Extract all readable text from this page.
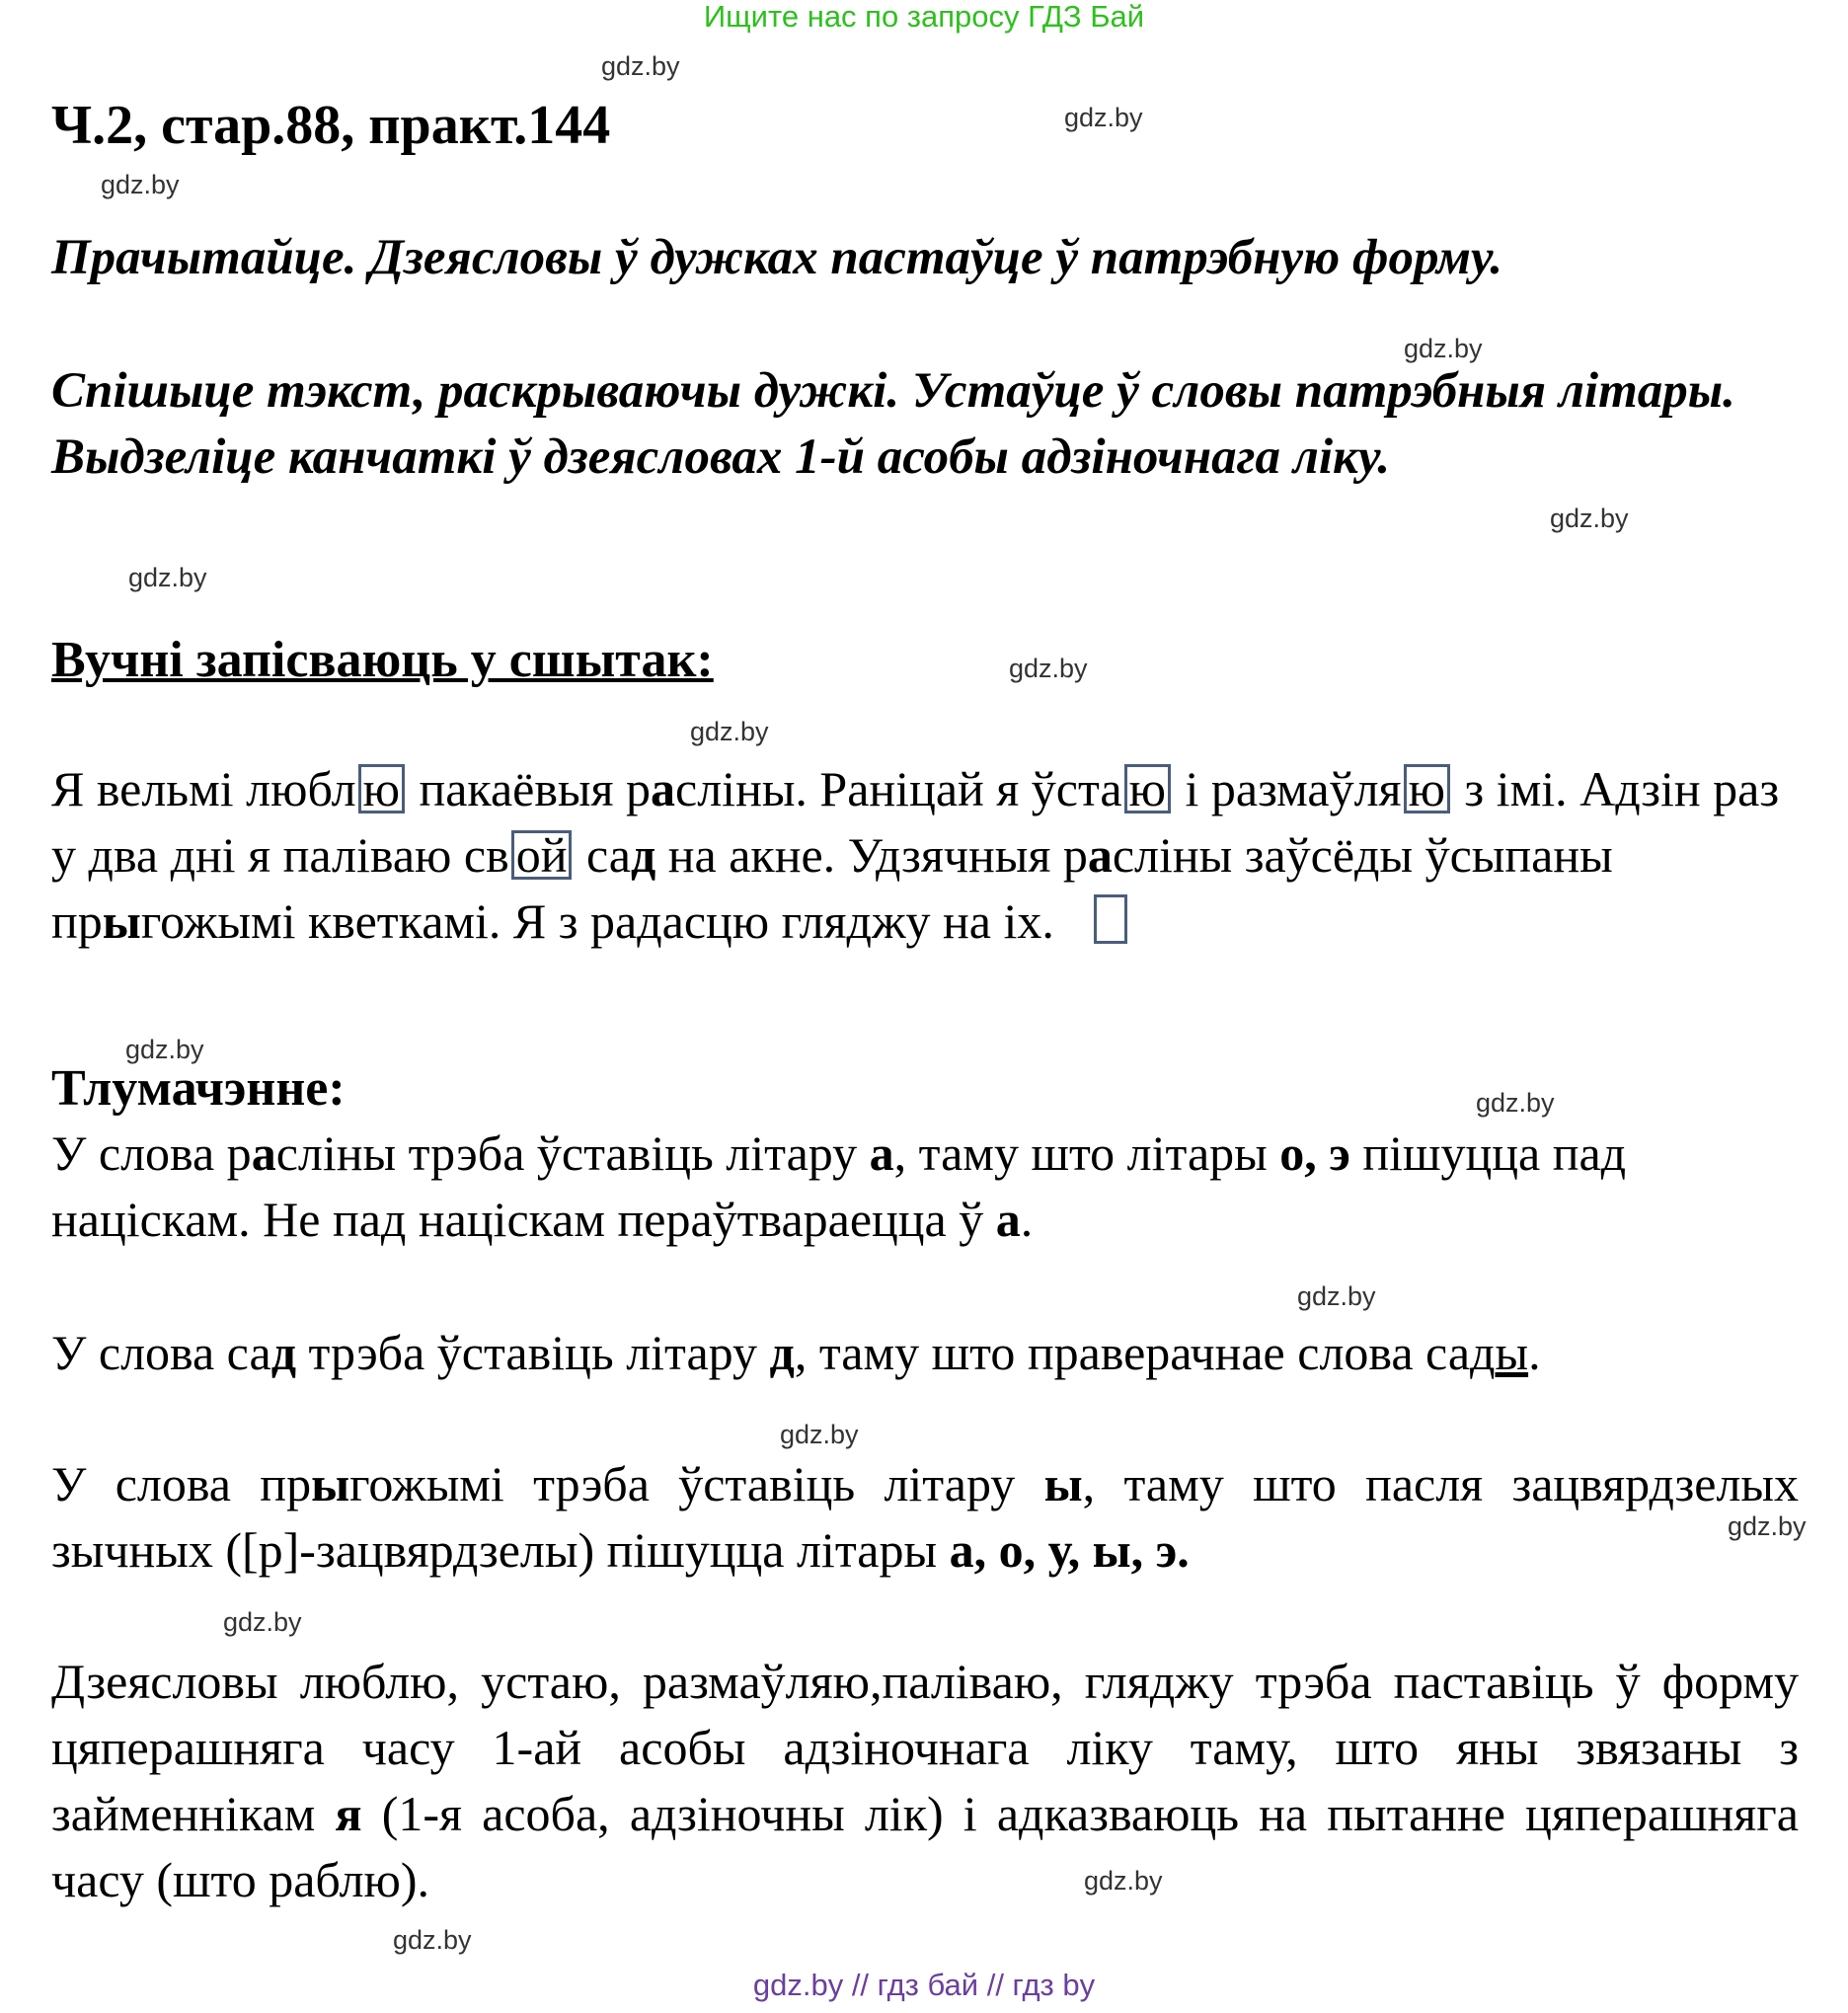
Ищите нас по запросу ГДЗ Бай
gdz.by
gdz.by
gdz.by
gdz.by
gdz.by
gdz.by
gdz.by
gdz.by
gdz.by
gdz.by
gdz.by
gdz.by
gdz.by
gdz.by
gdz.by
gdz.by
Ч.2, стар.88, практ.144
Прачытайце. Дзеясловы ў дужках пастаўце ў патрэбную форму.
Спішыце тэкст, раскрываючы дужкі. Устаўце ў словы патрэбныя літары. Выдзеліце канчаткі ў дзеясловах 1-й асобы адзіночнага ліку.
Вучні запісваюць у сшытак:
Я вельмі любл ю пакаёвыя расліны. Раніцай я ўста ю і размаўля ю з імі. Адзін раз у два дні я паліваю св ой сад на акне. Удзячныя расліны заўсёды ўсыпаны прыгожымі кветкамі. Я з радасцю гляджу на іх.
Тлумачэнне:
У слова расліны трэба ўставіць літару а, таму што літары о, э пішуцца пад націскам. Не пад націскам пераўтвараецца ў а.
У слова сад трэба ўставіць літару д, таму што праверачнае слова сады.
У слова прыгожымі трэба ўставіць літару ы, таму што пасля зацвярдзелых зычных ([р]-зацвярдзелы) пішуцца літары а, о, у, ы, э.
Дзеясловы люблю, устаю, размаўляю,паліваю, гляджу трэба паставіць ў форму цяперашняга часу 1-ай асобы адзіночнага ліку таму, што яны звязаны з займеннікам я (1-я асоба, адзіночны лік) і адказваюць на пытанне цяперашняга часу (што раблю).
gdz.by // гдз бай // гдз by
